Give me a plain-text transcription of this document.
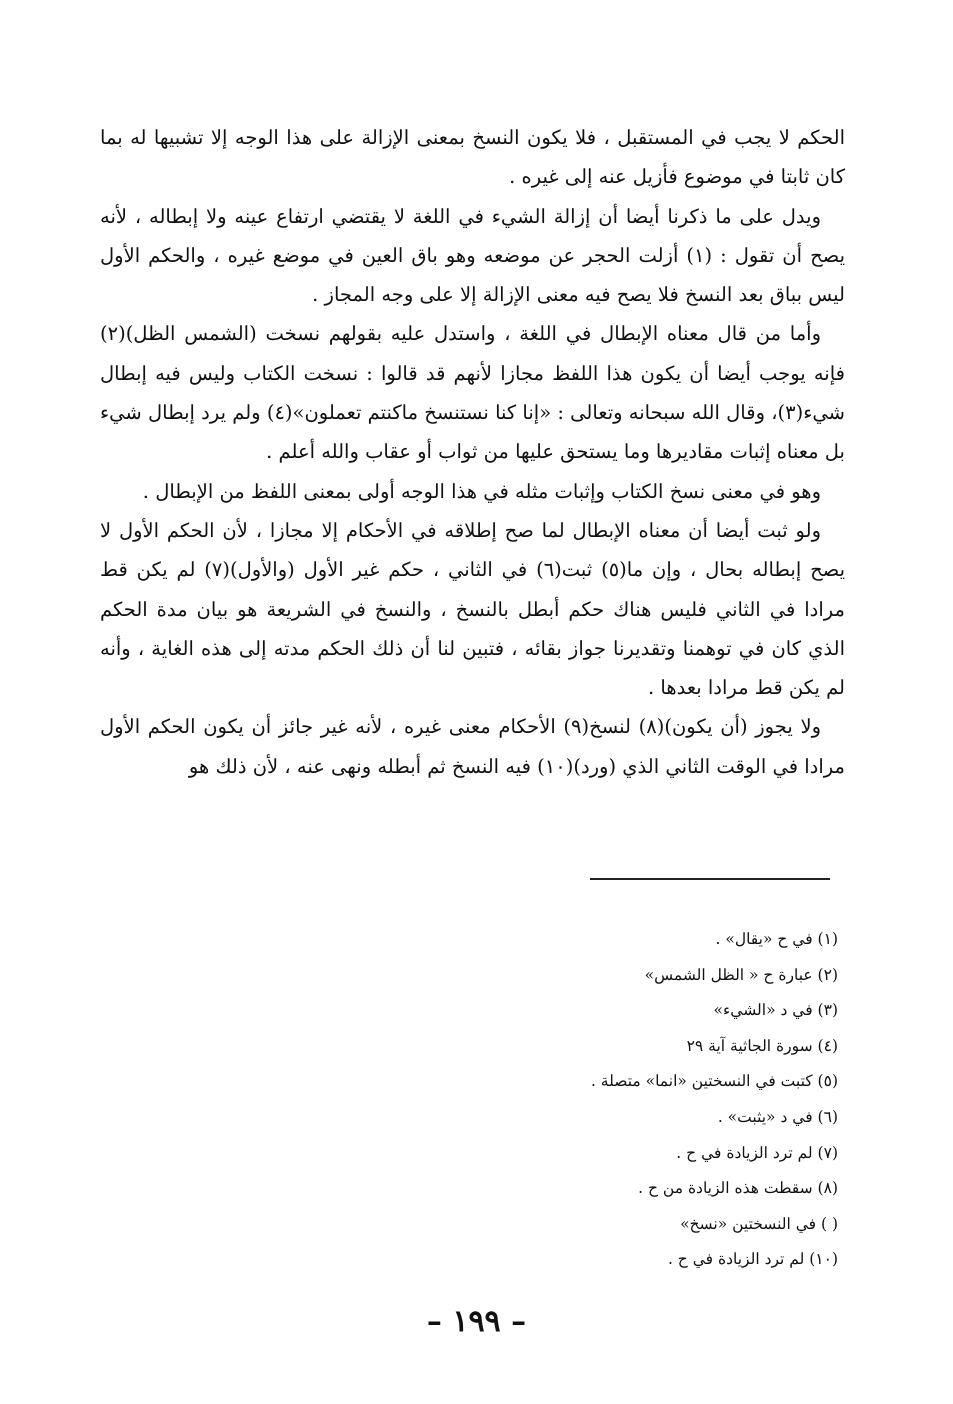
الحكم لا يجب في المستقبل ، فلا يكون النسخ بمعنى الإزالة على هذا الوجه إلا تشبيها له بما كان ثابتا في موضوع فأزيل عنه إلى غيره .

ويدل على ما ذكرنا أيضا أن إزالة الشيء في اللغة لا يقتضي ارتفاع عينه ولا إبطاله ، لأنه يصح أن تقول : (١) أزلت الحجر عن موضعه وهو باق العين في موضع غيره ، والحكم الأول ليس بباق بعد النسخ فلا يصح فيه معنى الإزالة إلا على وجه المجاز .

وأما من قال معناه الإبطال في اللغة ، واستدل عليه بقولهم نسخت (الشمس الظل)(٢) فإنه يوجب أيضا أن يكون هذا اللفظ مجازا لأنهم قد قالوا : نسخت الكتاب وليس فيه إبطال شيء(٣)، وقال الله سبحانه وتعالى : «إنا كنا نستنسخ ماكنتم تعملون»(٤) ولم يرد إبطال شيء بل معناه إثبات مقاديرها وما يستحق عليها من ثواب أو عقاب والله أعلم .

وهو في معنى نسخ الكتاب وإثبات مثله في هذا الوجه أولى بمعنى اللفظ من الإبطال .

ولو ثبت أيضا أن معناه الإبطال لما صح إطلاقه في الأحكام إلا مجازا ، لأن الحكم الأول لا يصح إبطاله بحال ، وإن ما(٥) ثبت(٦) في الثاني ، حكم غير الأول (والأول)(٧) لم يكن قط مرادا في الثاني فليس هناك حكم أبطل بالنسخ ، والنسخ في الشريعة هو بيان مدة الحكم الذي كان في توهمنا وتقديرنا جواز بقائه ، فتبين لنا أن ذلك الحكم مدته إلى هذه الغاية ، وأنه لم يكن قط مرادا بعدها .

ولا يجوز (أن يكون)(٨) لنسخ(٩) الأحكام معنى غيره ، لأنه غير جائز أن يكون الحكم الأول مرادا في الوقت الثاني الذي (ورد)(١٠) فيه النسخ ثم أبطله ونهى عنه ، لأن ذلك هو

(١) في ح «يقال» .
(٢) عبارة ح « الظل الشمس»
(٣) في د «الشيء»
(٤) سورة الجاثية آية ٢٩
(٥) كتبت في النسختين «انما» متصلة .
(٦) في د «يثبت» .
(٧) لم ترد الزيادة في ح .
(٨) سقطت هذه الزيادة من ح .
( ) في النسختين «نسخ»
(١٠) لم ترد الزيادة في ح .
– ١٩٩ –
